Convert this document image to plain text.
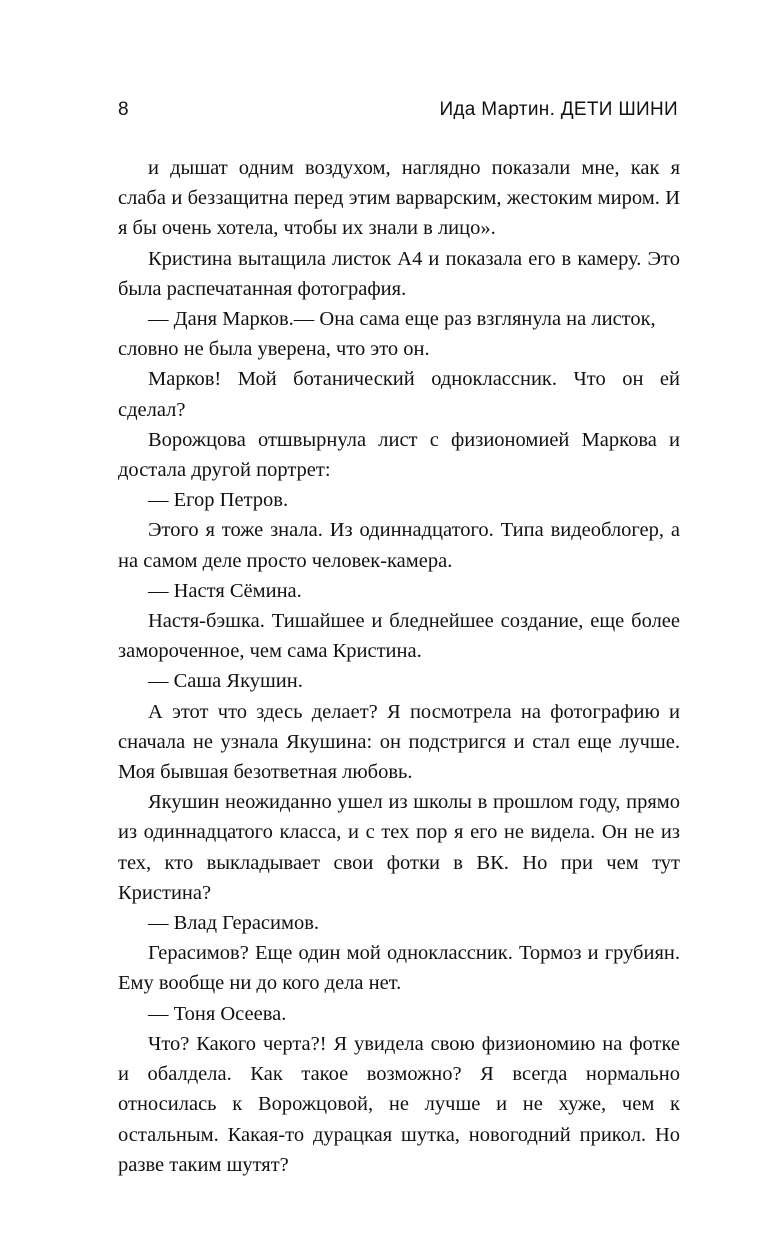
8	Ида Мартин. ДЕТИ ШИНИ

и дышат одним воздухом, наглядно показали мне, как я слаба и беззащитна перед этим варварским, жестоким миром. И я бы очень хотела, чтобы их знали в лицо».

Кристина вытащила листок А4 и показала его в камеру. Это была распечатанная фотография.

— Даня Марков.— Она сама еще раз взглянула на листок, словно не была уверена, что это он.

Марков! Мой ботанический одноклассник. Что он ей сделал?

Ворожцова отшвырнула лист с физиономией Маркова и достала другой портрет:

— Егор Петров.

Этого я тоже знала. Из одиннадцатого. Типа видеоблогер, а на самом деле просто человек-камера.

— Настя Сёмина.

Настя-бэшка. Тишайшее и бледнейшее создание, еще более замороченное, чем сама Кристина.

— Саша Якушин.

А этот что здесь делает? Я посмотрела на фотографию и сначала не узнала Якушина: он подстригся и стал еще лучше. Моя бывшая безответная любовь.

Якушин неожиданно ушел из школы в прошлом году, прямо из одиннадцатого класса, и с тех пор я его не видела. Он не из тех, кто выкладывает свои фотки в ВК. Но при чем тут Кристина?

— Влад Герасимов.

Герасимов? Еще один мой одноклассник. Тормоз и грубиян. Ему вообще ни до кого дела нет.

— Тоня Осеева.

Что? Какого черта?! Я увидела свою физиономию на фотке и обалдела. Как такое возможно? Я всегда нормально относилась к Ворожцовой, не лучше и не хуже, чем к остальным. Какая-то дурацкая шутка, новогодний прикол. Но разве таким шутят?
